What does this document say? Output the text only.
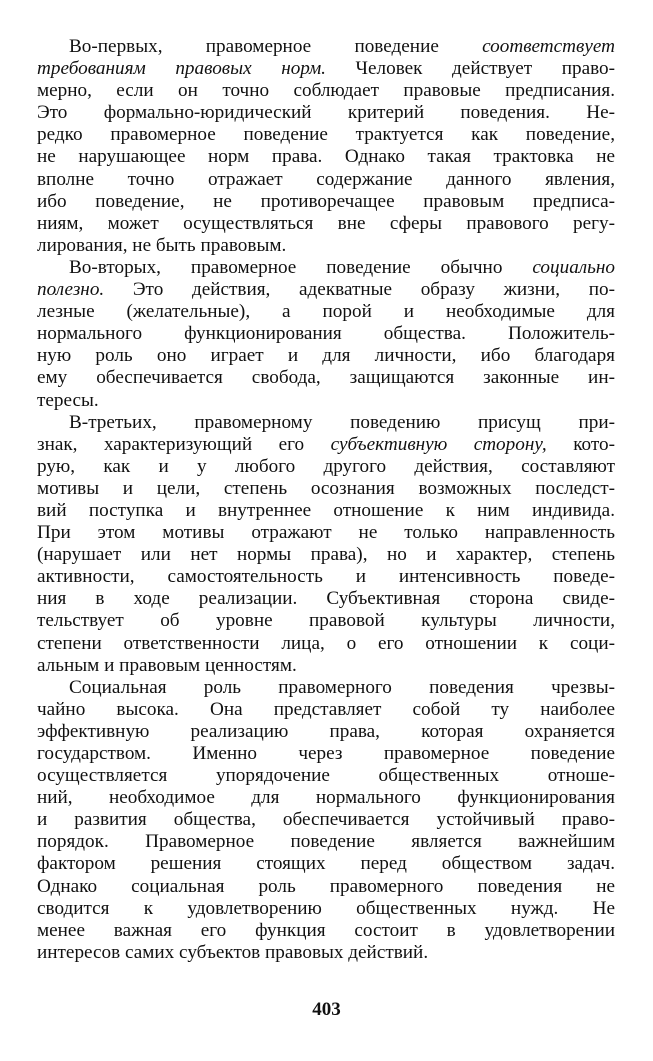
Во-первых, правомерное поведение соответствует
требованиям правовых норм. Человек действует право-
мерно, если он точно соблюдает правовые предписания.
Это формально-юридический критерий поведения. Не-
редко правомерное поведение трактуется как поведение,
не нарушающее норм права. Однако такая трактовка не
вполне точно отражает содержание данного явления,
ибо поведение, не противоречащее правовым предписа-
ниям, может осуществляться вне сферы правового регу-
лирования, не быть правовым.
Во-вторых, правомерное поведение обычно социально
полезно. Это действия, адекватные образу жизни, по-
лезные (желательные), а порой и необходимые для
нормального функционирования общества. Положитель-
ную роль оно играет и для личности, ибо благодаря
ему обеспечивается свобода, защищаются законные ин-
тересы.
В-третьих, правомерному поведению присущ при-
знак, характеризующий его субъективную сторону, кото-
рую, как и у любого другого действия, составляют
мотивы и цели, степень осознания возможных последст-
вий поступка и внутреннее отношение к ним индивида.
При этом мотивы отражают не только направленность
(нарушает или нет нормы права), но и характер, степень
активности, самостоятельность и интенсивность поведе-
ния в ходе реализации. Субъективная сторона свиде-
тельствует об уровне правовой культуры личности,
степени ответственности лица, о его отношении к соци-
альным и правовым ценностям.
Социальная роль правомерного поведения чрезвы-
чайно высока. Она представляет собой ту наиболее
эффективную реализацию права, которая охраняется
государством. Именно через правомерное поведение
осуществляется упорядочение общественных отноше-
ний, необходимое для нормального функционирования
и развития общества, обеспечивается устойчивый право-
порядок. Правомерное поведение является важнейшим
фактором решения стоящих перед обществом задач.
Однако социальная роль правомерного поведения не
сводится к удовлетворению общественных нужд. Не
менее важная его функция состоит в удовлетворении
интересов самих субъектов правовых действий.
403
